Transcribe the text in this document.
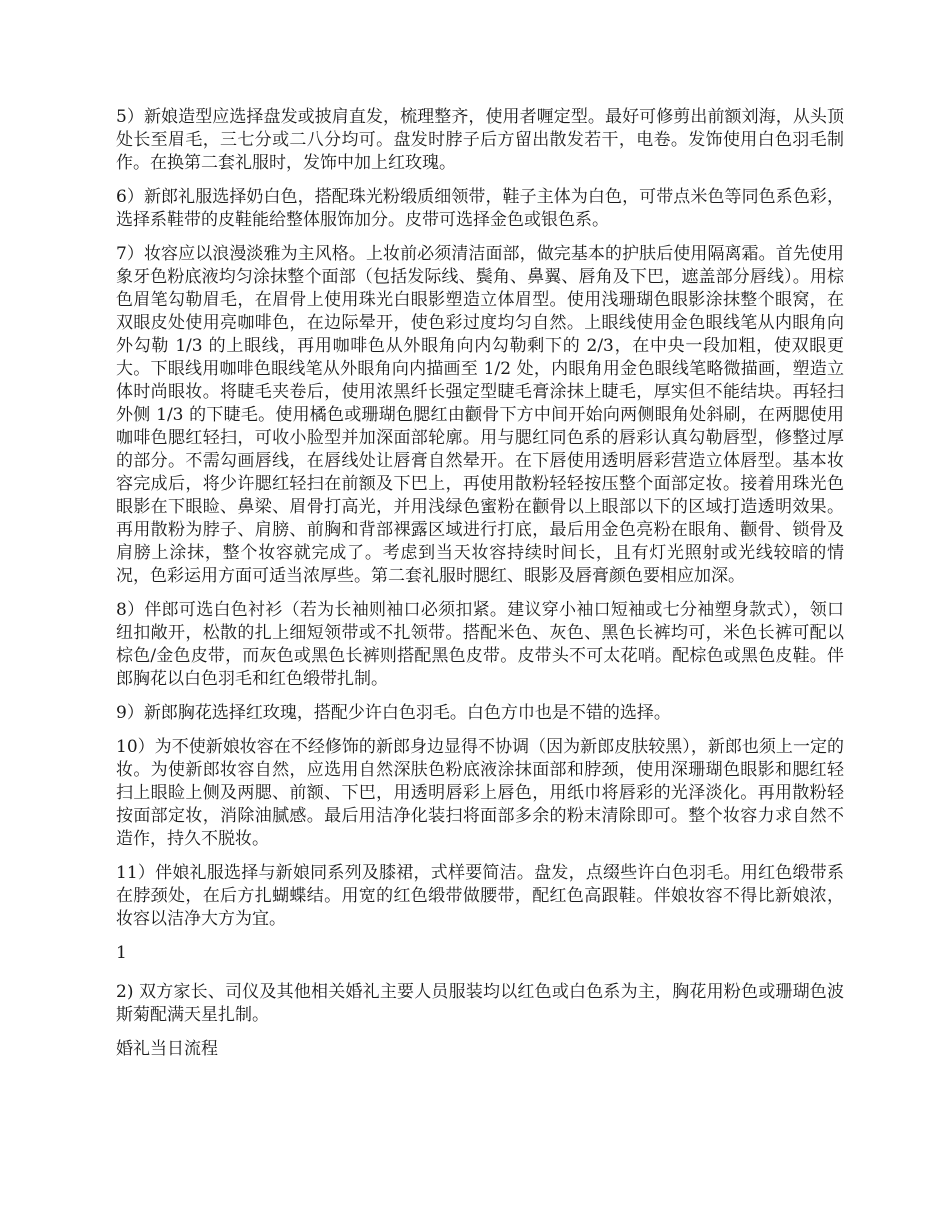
5）新娘造型应选择盘发或披肩直发，梳理整齐，使用者喱定型。最好可修剪出前额刘海，从头顶处长至眉毛，三七分或二八分均可。盘发时脖子后方留出散发若干，电卷。发饰使用白色羽毛制作。在换第二套礼服时，发饰中加上红玫瑰。

6）新郎礼服选择奶白色，搭配珠光粉缎质细领带，鞋子主体为白色，可带点米色等同色系色彩，选择系鞋带的皮鞋能给整体服饰加分。皮带可选择金色或银色系。

7）妆容应以浪漫淡雅为主风格。上妆前必须清洁面部，做完基本的护肤后使用隔离霜。首先使用象牙色粉底液均匀涂抹整个面部（包括发际线、鬓角、鼻翼、唇角及下巴，遮盖部分唇线）。用棕色眉笔勾勒眉毛，在眉骨上使用珠光白眼影塑造立体眉型。使用浅珊瑚色眼影涂抹整个眼窝，在双眼皮处使用亮咖啡色，在边际晕开，使色彩过度均匀自然。上眼线使用金色眼线笔从内眼角向外勾勒 1/3 的上眼线，再用咖啡色从外眼角向内勾勒剩下的 2/3，在中央一段加粗，使双眼更大。下眼线用咖啡色眼线笔从外眼角向内描画至 1/2 处，内眼角用金色眼线笔略微描画，塑造立体时尚眼妆。将睫毛夹卷后，使用浓黑纤长强定型睫毛膏涂抹上睫毛，厚实但不能结块。再轻扫外侧 1/3 的下睫毛。使用橘色或珊瑚色腮红由颧骨下方中间开始向两侧眼角处斜刷，在两腮使用咖啡色腮红轻扫，可收小脸型并加深面部轮廓。用与腮红同色系的唇彩认真勾勒唇型，修整过厚的部分。不需勾画唇线，在唇线处让唇膏自然晕开。在下唇使用透明唇彩营造立体唇型。基本妆容完成后，将少许腮红轻扫在前额及下巴上，再使用散粉轻轻按压整个面部定妆。接着用珠光色眼影在下眼睑、鼻梁、眉骨打高光，并用浅绿色蜜粉在颧骨以上眼部以下的区域打造透明效果。再用散粉为脖子、肩膀、前胸和背部裸露区域进行打底，最后用金色亮粉在眼角、颧骨、锁骨及肩膀上涂抹，整个妆容就完成了。考虑到当天妆容持续时间长，且有灯光照射或光线较暗的情况，色彩运用方面可适当浓厚些。第二套礼服时腮红、眼影及唇膏颜色要相应加深。

8）伴郎可选白色衬衫（若为长袖则袖口必须扣紧。建议穿小袖口短袖或七分袖塑身款式），领口纽扣敞开，松散的扎上细短领带或不扎领带。搭配米色、灰色、黑色长裤均可，米色长裤可配以棕色/金色皮带，而灰色或黑色长裤则搭配黑色皮带。皮带头不可太花哨。配棕色或黑色皮鞋。伴郎胸花以白色羽毛和红色缎带扎制。

9）新郎胸花选择红玫瑰，搭配少许白色羽毛。白色方巾也是不错的选择。

10）为不使新娘妆容在不经修饰的新郎身边显得不协调（因为新郎皮肤较黑），新郎也须上一定的妆。为使新郎妆容自然，应选用自然深肤色粉底液涂抹面部和脖颈，使用深珊瑚色眼影和腮红轻扫上眼睑上侧及两腮、前额、下巴，用透明唇彩上唇色，用纸巾将唇彩的光泽淡化。再用散粉轻按面部定妆，消除油腻感。最后用洁净化装扫将面部多余的粉末清除即可。整个妆容力求自然不造作，持久不脱妆。

11）伴娘礼服选择与新娘同系列及膝裙，式样要简洁。盘发，点缀些许白色羽毛。用红色缎带系在脖颈处，在后方扎蝴蝶结。用宽的红色缎带做腰带，配红色高跟鞋。伴娘妆容不得比新娘浓，妆容以洁净大方为宜。

1

2) 双方家长、司仪及其他相关婚礼主要人员服装均以红色或白色系为主，胸花用粉色或珊瑚色波斯菊配满天星扎制。

婚礼当日流程
